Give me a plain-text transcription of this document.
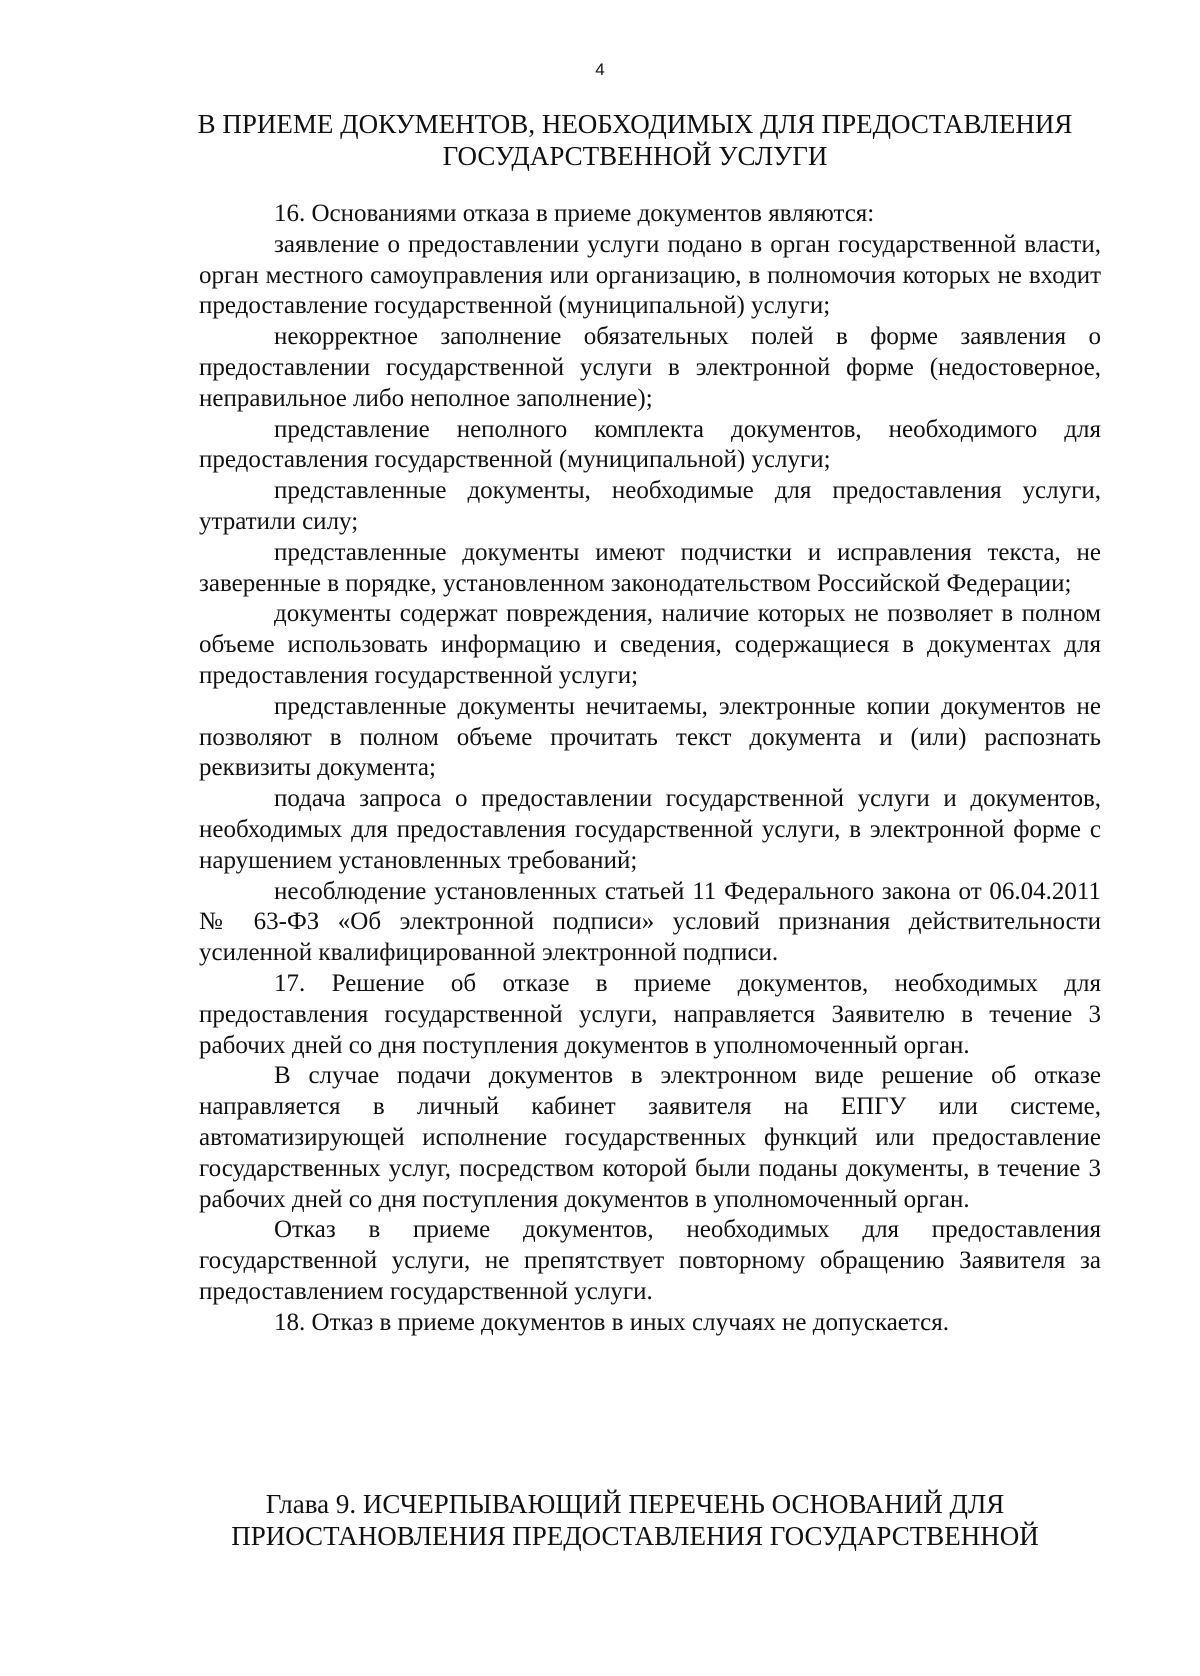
4
В ПРИЕМЕ ДОКУМЕНТОВ, НЕОБХОДИМЫХ ДЛЯ ПРЕДОСТАВЛЕНИЯ
ГОСУДАРСТВЕННОЙ УСЛУГИ

16. Основаниями отказа в приеме документов являются:

заявление о предоставлении услуги подано в орган государственной власти, орган местного самоуправления или организацию, в полномочия которых не входит предоставление государственной (муниципальной) услуги;

некорректное заполнение обязательных полей в форме заявления о предоставлении государственной услуги в электронной форме (недостоверное, неправильное либо неполное заполнение);

представление неполного комплекта документов, необходимого для предоставления государственной (муниципальной) услуги;

представленные документы, необходимые для предоставления услуги, утратили силу;

представленные документы имеют подчистки и исправления текста, не заверенные в порядке, установленном законодательством Российской Федерации;

документы содержат повреждения, наличие которых не позволяет в полном объеме использовать информацию и сведения, содержащиеся в документах для предоставления государственной услуги;

представленные документы нечитаемы, электронные копии документов не позволяют в полном объеме прочитать текст документа и (или) распознать реквизиты документа;

подача запроса о предоставлении государственной услуги и документов, необходимых для предоставления государственной услуги, в электронной форме с нарушением установленных требований;

несоблюдение установленных статьей 11 Федерального закона от 06.04.2011 № 63-ФЗ «Об электронной подписи» условий признания действительности усиленной квалифицированной электронной подписи.

17. Решение об отказе в приеме документов, необходимых для предоставления государственной услуги, направляется Заявителю в течение 3 рабочих дней со дня поступления документов в уполномоченный орган.

В случае подачи документов в электронном виде решение об отказе направляется в личный кабинет заявителя на ЕПГУ или системе, автоматизирующей исполнение государственных функций или предоставление государственных услуг, посредством которой были поданы документы, в течение 3 рабочих дней со дня поступления документов в уполномоченный орган.

Отказ в приеме документов, необходимых для предоставления государственной услуги, не препятствует повторному обращению Заявителя за предоставлением государственной услуги.

18. Отказ в приеме документов в иных случаях не допускается.

Глава 9. ИСЧЕРПЫВАЮЩИЙ ПЕРЕЧЕНЬ ОСНОВАНИЙ ДЛЯ
ПРИОСТАНОВЛЕНИЯ ПРЕДОСТАВЛЕНИЯ ГОСУДАРСТВЕННОЙ
